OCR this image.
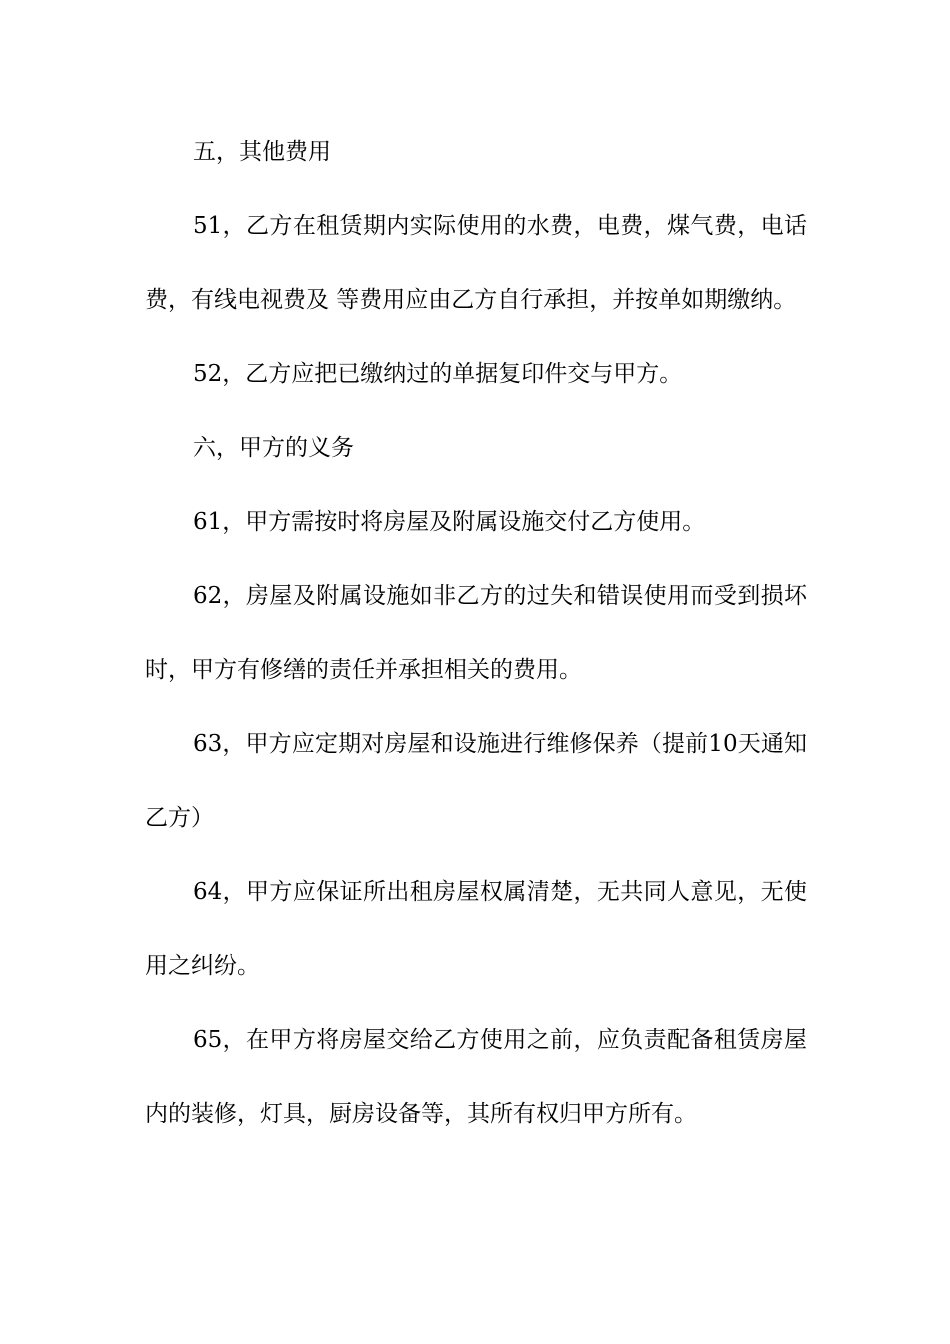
五，其他费用

51，乙方在租赁期内实际使用的水费，电费，煤气费，电话费，有线电视费及 等费用应由乙方自行承担，并按单如期缴纳。

52，乙方应把已缴纳过的单据复印件交与甲方。

六，甲方的义务

61，甲方需按时将房屋及附属设施交付乙方使用。

62，房屋及附属设施如非乙方的过失和错误使用而受到损坏时，甲方有修缮的责任并承担相关的费用。

63，甲方应定期对房屋和设施进行维修保养（提前10天通知乙方）

64，甲方应保证所出租房屋权属清楚，无共同人意见，无使用之纠纷。

65，在甲方将房屋交给乙方使用之前，应负责配备租赁房屋内的装修，灯具，厨房设备等，其所有权归甲方所有。
